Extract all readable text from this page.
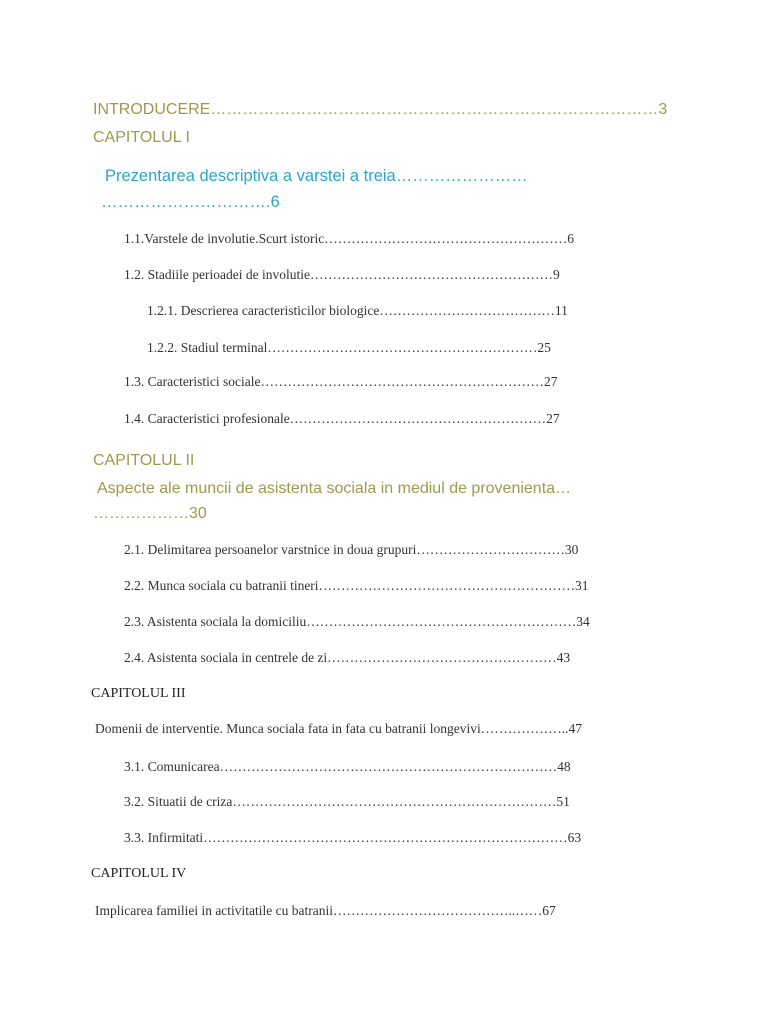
INTRODUCERE…………………………………………………………………………3
CAPITOLUL I
Prezentarea descriptiva a varstei a treia……………………
………………………….6
1.1.Varstele de involutie.Scurt istoric………………………………………………6
1.2. Stadiile perioadei de involutie………………………………………………9
1.2.1. Descrierea caracteristicilor biologice…………………………………11
1.2.2. Stadiul terminal……………………………………………………25
1.3. Caracteristici sociale………………………………………………………27
1.4. Caracteristici profesionale…………………………………………………27
CAPITOLUL II
Aspecte ale muncii de asistenta sociala in mediul de provenienta…
………………30
2.1. Delimitarea persoanelor varstnice in doua grupuri……………………………30
2.2. Munca sociala cu batranii tineri…………………………………………………31
2.3. Asistenta sociala la domiciliu……………………………………………………34
2.4. Asistenta sociala in centrele de zi……………………………………………43
CAPITOLUL III
Domenii de interventie. Munca sociala fata in fata cu batranii longevivi………………..47
3.1. Comunicarea…………………………………………………………………48
3.2. Situatii de criza………………………………………………………………51
3.3. Infirmitati………………………………………………………………………63
CAPITOLUL IV
Implicarea familiei in activitatile cu batranii…………………………………..……67
